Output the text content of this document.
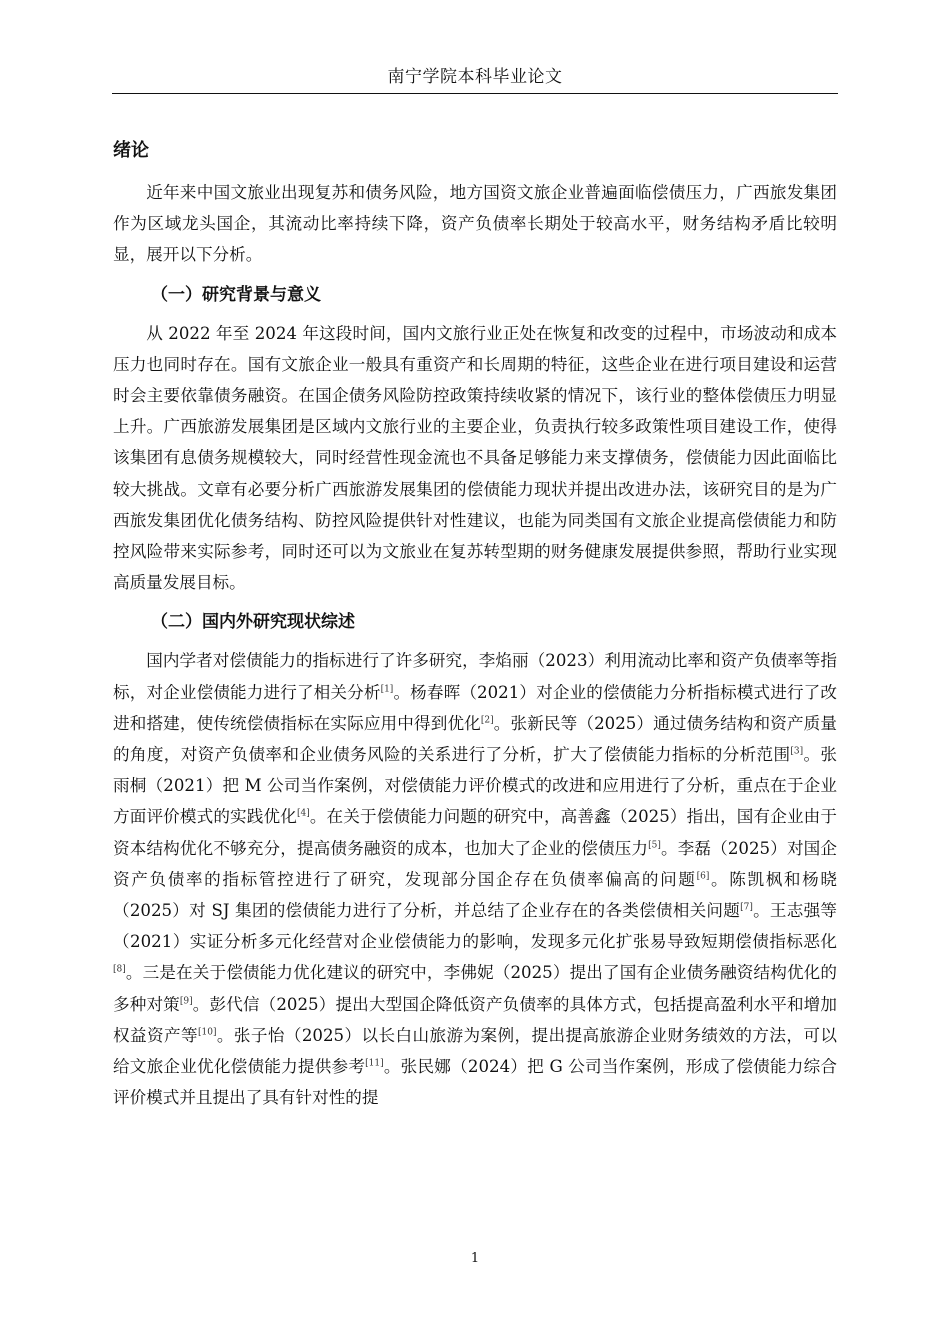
南宁学院本科毕业论文
绪论

近年来中国文旅业出现复苏和债务风险，地方国资文旅企业普遍面临偿债压力，广西旅发集团作为区域龙头国企，其流动比率持续下降，资产负债率长期处于较高水平，财务结构矛盾比较明显，展开以下分析。

（一）研究背景与意义

从 2022 年至 2024 年这段时间，国内文旅行业正处在恢复和改变的过程中，市场波动和成本压力也同时存在。国有文旅企业一般具有重资产和长周期的特征，这些企业在进行项目建设和运营时会主要依靠债务融资。在国企债务风险防控政策持续收紧的情况下，该行业的整体偿债压力明显上升。广西旅游发展集团是区域内文旅行业的主要企业，负责执行较多政策性项目建设工作，使得该集团有息债务规模较大，同时经营性现金流也不具备足够能力来支撑债务，偿债能力因此面临比较大挑战。文章有必要分析广西旅游发展集团的偿债能力现状并提出改进办法，该研究目的是为广西旅发集团优化债务结构、防控风险提供针对性建议，也能为同类国有文旅企业提高偿债能力和防控风险带来实际参考，同时还可以为文旅业在复苏转型期的财务健康发展提供参照，帮助行业实现高质量发展目标。

（二）国内外研究现状综述

国内学者对偿债能力的指标进行了许多研究，李焰丽（2023）利用流动比率和资产负债率等指标，对企业偿债能力进行了相关分析[1]。杨春晖（2021）对企业的偿债能力分析指标模式进行了改进和搭建，使传统偿债指标在实际应用中得到优化[2]。张新民等（2025）通过债务结构和资产质量的角度，对资产负债率和企业债务风险的关系进行了分析，扩大了偿债能力指标的分析范围[3]。张雨桐（2021）把 M 公司当作案例，对偿债能力评价模式的改进和应用进行了分析，重点在于企业方面评价模式的实践优化[4]。在关于偿债能力问题的研究中，高善鑫（2025）指出，国有企业由于资本结构优化不够充分，提高债务融资的成本，也加大了企业的偿债压力[5]。李磊（2025）对国企资产负债率的指标管控进行了研究，发现部分国企存在负债率偏高的问题[6]。陈凯枫和杨晓（2025）对 SJ 集团的偿债能力进行了分析，并总结了企业存在的各类偿债相关问题[7]。王志强等（2021）实证分析多元化经营对企业偿债能力的影响，发现多元化扩张易导致短期偿债指标恶化[8]。三是在关于偿债能力优化建议的研究中，李佛妮（2025）提出了国有企业债务融资结构优化的多种对策[9]。彭代信（2025）提出大型国企降低资产负债率的具体方式，包括提高盈利水平和增加权益资产等[10]。张子怡（2025）以长白山旅游为案例，提出提高旅游企业财务绩效的方法，可以给文旅企业优化偿债能力提供参考[11]。张民娜（2024）把 G 公司当作案例，形成了偿债能力综合评价模式并且提出了具有针对性的提

1
